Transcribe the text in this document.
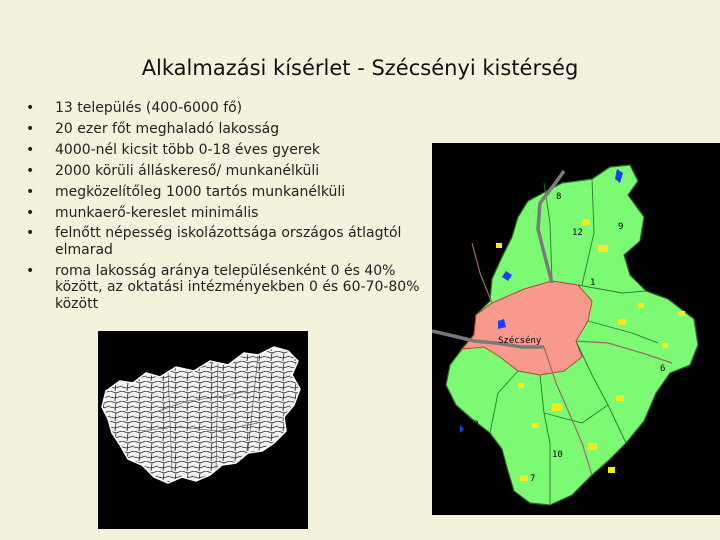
Alkalmazási kísérlet - Szécsényi kistérség
• 13 település (400-6000 fő)
• 20 ezer főt meghaladó lakosság
• 4000-nél kicsit több 0-18 éves gyerek
• 2000 körüli álláskereső/ munkanélküli
• megközelítőleg 1000 tartós munkanélküli
• munkaerő-kereslet minimális
• felnőtt népesség iskolázottsága országos átlagtól elmarad
• roma lakosság aránya településenként 0 és 40% között, az oktatási intézményekben 0 és 60-70-80% között
8
12
9
1
Szécsény
6
13
10
7
